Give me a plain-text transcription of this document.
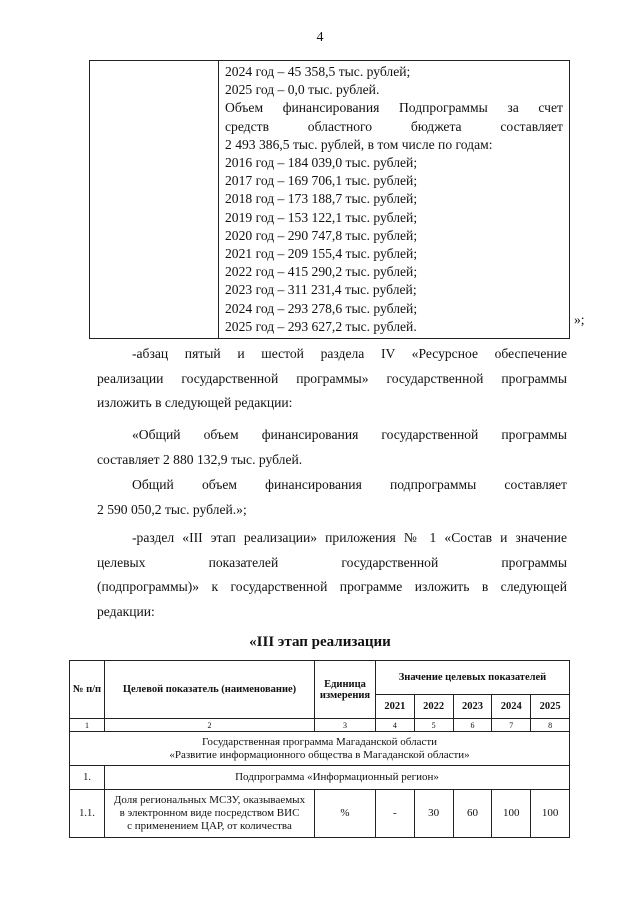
4

2024 год – 45 358,5 тыс. рублей;
2025 год – 0,0 тыс. рублей.
Объем финансирования Подпрограммы за счет
средств областного бюджета составляет
2 493 386,5 тыс. рублей, в том числе по годам:
2016 год – 184 039,0 тыс. рублей;
2017 год – 169 706,1 тыс. рублей;
2018 год – 173 188,7 тыс. рублей;
2019 год – 153 122,1 тыс. рублей;
2020 год – 290 747,8 тыс. рублей;
2021 год – 209 155,4 тыс. рублей;
2022 год – 415 290,2 тыс. рублей;
2023 год – 311 231,4 тыс. рублей;
2024 год – 293 278,6 тыс. рублей;
2025 год – 293 627,2 тыс. рублей.	»;
-абзац пятый и шестой раздела IV «Ресурсное обеспечение
реализации государственной программы» государственной программы
изложить в следующей редакции:
«Общий объем финансирования государственной программы
составляет 2 880 132,9 тыс. рублей.
Общий объем финансирования подпрограммы составляет
2 590 050,2 тыс. рублей.»;
-раздел «III этап реализации» приложения № 1 «Состав и значение
целевых показателей государственной программы
(подпрограммы)» к государственной программе изложить в следующей
редакции:
«III этап реализации
№ п/п	Целевой показатель (наименование)	Единица измерения	Значение целевых показателей				
			2021	2022	2023	2024	2025
1	2	3	4	5	6	7	8

Государственная программа Магаданской области
«Развитие информационного общества в Магаданской области»							

1.	Подпрограмма «Информационный регион»						
1.1.	Доля региональных МСЗУ, оказываемых
в электронном виде посредством ВИС
с применением ЦАР, от количества	%	-	30	60	100	100
